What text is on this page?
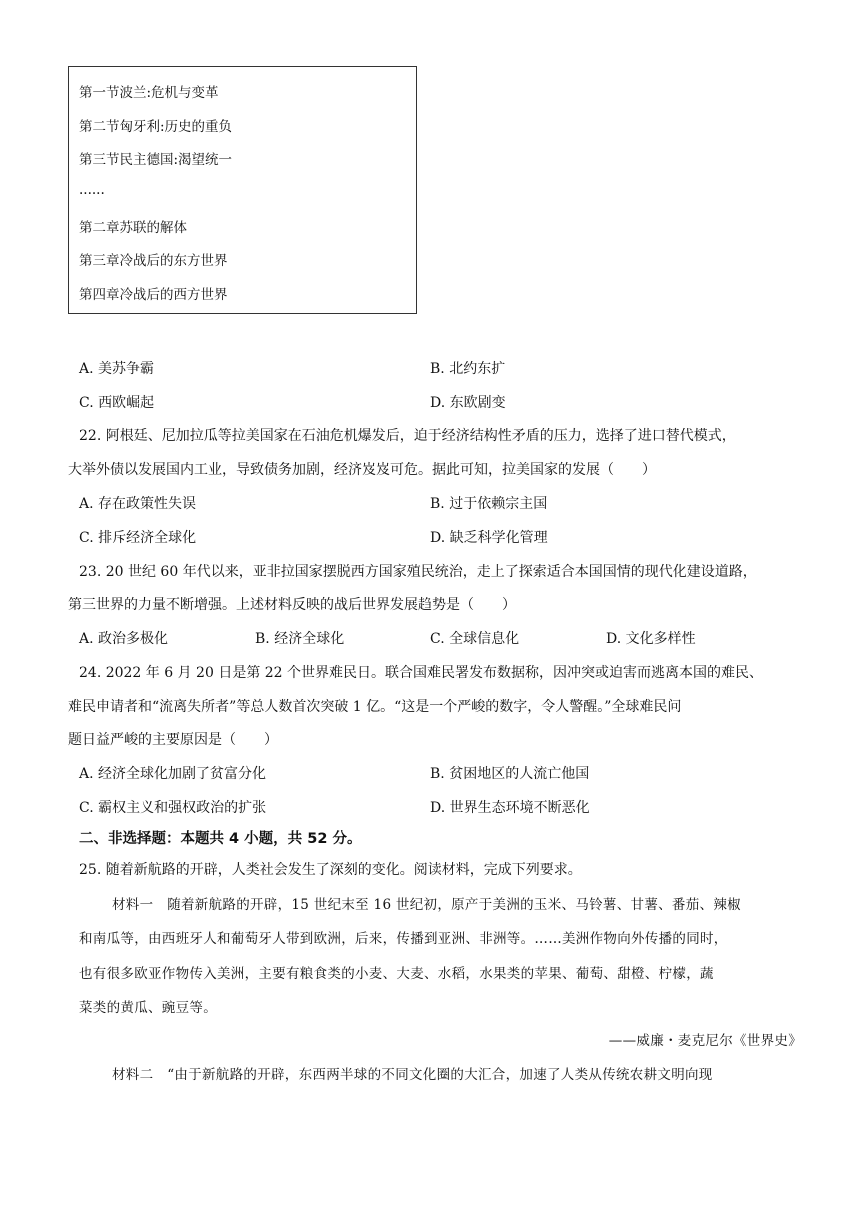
第一节波兰:危机与变革
第二节匈牙利:历史的重负
第三节民主德国:渴望统一
......
第二章苏联的解体
第三章冷战后的东方世界
第四章冷战后的西方世界
A. 美苏争霸	B. 北约东扩
C. 西欧崛起	D. 东欧剧变
22. 阿根廷、尼加拉瓜等拉美国家在石油危机爆发后，迫于经济结构性矛盾的压力，选择了进口替代模式，
大举外债以发展国内工业，导致债务加剧，经济岌岌可危。据此可知，拉美国家的发展（　　）
A. 存在政策性失误	B. 过于依赖宗主国
C. 排斥经济全球化	D. 缺乏科学化管理
23. 20 世纪 60 年代以来，亚非拉国家摆脱西方国家殖民统治，走上了探索适合本国国情的现代化建设道路，
第三世界的力量不断增强。上述材料反映的战后世界发展趋势是（　　）
A. 政治多极化	B. 经济全球化	C. 全球信息化	D. 文化多样性
24. 2022 年 6 月 20 日是第 22 个世界难民日。联合国难民署发布数据称，因冲突或迫害而逃离本国的难民、
难民申请者和“流离失所者”等总人数首次突破 1 亿。“这是一个严峻的数字，令人警醒。”全球难民问
题日益严峻的主要原因是（　　）
A. 经济全球化加剧了贫富分化	B. 贫困地区的人流亡他国
C. 霸权主义和强权政治的扩张	D. 世界生态环境不断恶化
二、非选择题：本题共 4 小题，共 52 分。
25. 随着新航路的开辟，人类社会发生了深刻的变化。阅读材料，完成下列要求。
材料一　随着新航路的开辟，15 世纪末至 16 世纪初，原产于美洲的玉米、马铃薯、甘薯、番茄、辣椒
和南瓜等，由西班牙人和葡萄牙人带到欧洲，后来，传播到亚洲、非洲等。……美洲作物向外传播的同时，
也有很多欧亚作物传入美洲，主要有粮食类的小麦、大麦、水稻，水果类的苹果、葡萄、甜橙、柠檬，蔬
菜类的黄瓜、豌豆等。
——威廉・麦克尼尔《世界史》
材料二　“由于新航路的开辟，东西两半球的不同文化圈的大汇合，加速了人类从传统农耕文明向现
